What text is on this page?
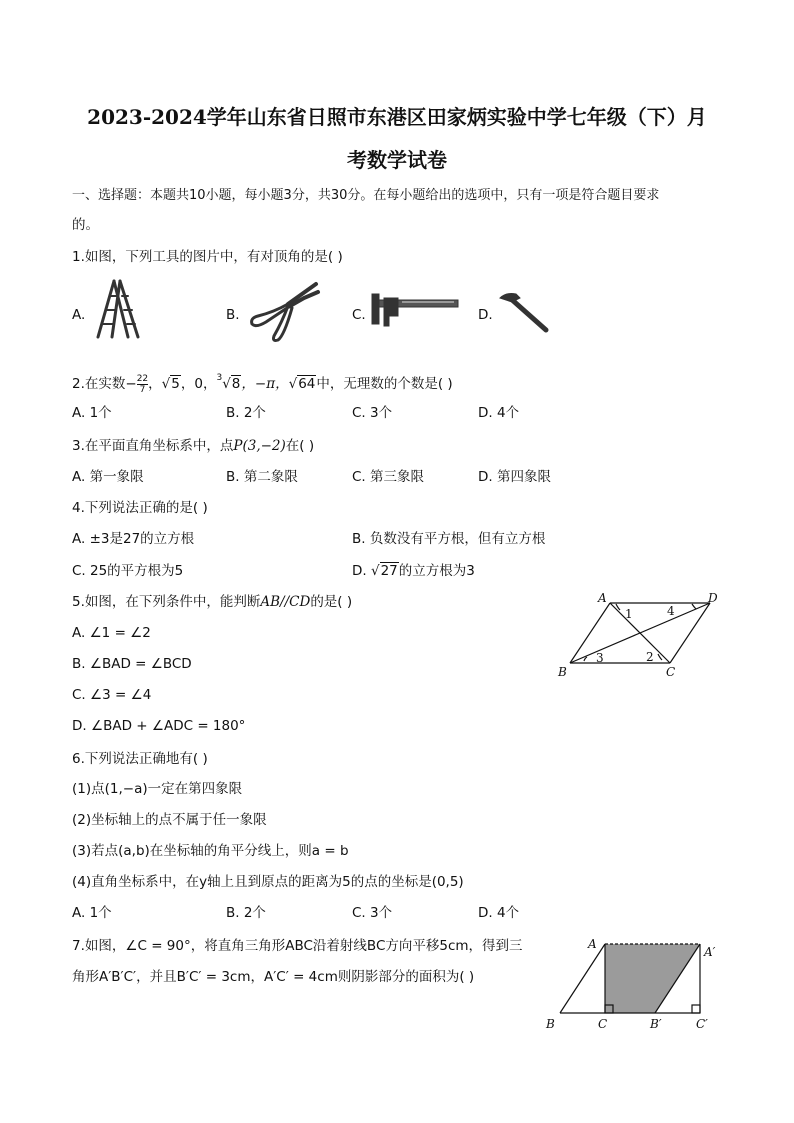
2023-2024学年山东省日照市东港区田家炳实验中学七年级（下）月
考数学试卷
一、选择题：本题共10小题，每小题3分，共30分。在每小题给出的选项中，只有一项是符合题目要求
的。
1.如图，下列工具的图片中，有对顶角的是( )
A.	B.	C.	D.
2.在实数− $\frac{22}{7}$ ，√5，0，$^3$√8，−π，√64中，无理数的个数是( )
A. 1个	B. 2个	C. 3个	D. 4个
3.在平面直角坐标系中，点P(3,−2)在( )
A. 第一象限	B. 第二象限	C. 第三象限	D. 第四象限
4.下列说法正确的是( )
A. ±3是27的立方根	B. 负数没有平方根，但有立方根
C. 25的平方根为5	D. √27的立方根为3
5.如图，在下列条件中，能判断AB//CD的是( )
A. ∠1 = ∠2
B. ∠BAD = ∠BCD
C. ∠3 = ∠4
D. ∠BAD + ∠ADC = 180°
A	D
B	C
1	4
3	2
6.下列说法正确地有( )
(1)点(1,−a)一定在第四象限
(2)坐标轴上的点不属于任一象限
(3)若点(a,b)在坐标轴的角平分线上，则a = b
(4)直角坐标系中，在y轴上且到原点的距离为5的点的坐标是(0,5)
A. 1个	B. 2个	C. 3个	D. 4个
7.如图，∠C = 90°，将直角三角形ABC沿着射线BC方向平移5cm，得到三
角形A′B′C′，并且B′C′ = 3cm，A′C′ = 4cm则阴影部分的面积为( )
A
A′
B	C	B′	C′
